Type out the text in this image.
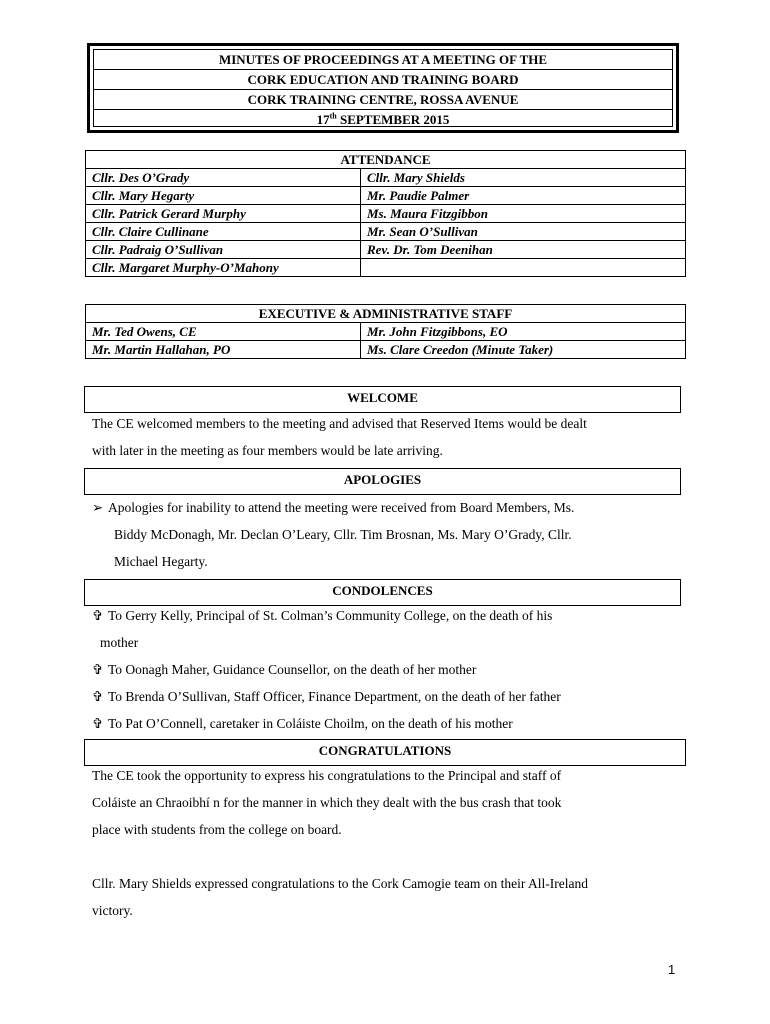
MINUTES OF PROCEEDINGS AT A MEETING OF THE
CORK EDUCATION AND TRAINING BOARD
CORK TRAINING CENTRE, ROSSA AVENUE
17th SEPTEMBER 2015
ATTENDANCE	
Cllr. Des O’Grady	Cllr. Mary Shields
Cllr. Mary Hegarty	Mr. Paudie Palmer
Cllr. Patrick Gerard Murphy	Ms. Maura Fitzgibbon
Cllr. Claire Cullinane	Mr. Sean O’Sullivan
Cllr. Padraig O’Sullivan	Rev. Dr. Tom Deenihan
Cllr. Margaret Murphy-O’Mahony	
EXECUTIVE & ADMINISTRATIVE STAFF	
Mr. Ted Owens, CE	Mr. John Fitzgibbons, EO
Mr. Martin Hallahan, PO	Ms. Clare Creedon (Minute Taker)
WELCOME
The CE welcomed members to the meeting and advised that Reserved Items would be dealt
with later in the meeting as four members would be late arriving.
APOLOGIES
➢ Apologies for inability to attend the meeting were received from Board Members, Ms.
Biddy McDonagh, Mr. Declan O’Leary, Cllr. Tim Brosnan, Ms. Mary O’Grady, Cllr.
Michael Hegarty.
CONDOLENCES
✞ To Gerry Kelly, Principal of St. Colman’s Community College, on the death of his
mother
✞ To Oonagh Maher, Guidance Counsellor, on the death of her mother
✞ To Brenda O’Sullivan, Staff Officer, Finance Department, on the death of her father
✞ To Pat O’Connell, caretaker in Coláiste Choilm, on the death of his mother
CONGRATULATIONS
The CE took the opportunity to express his congratulations to the Principal and staff of
Coláiste an Chraoibhí n for the manner in which they dealt with the bus crash that took
place with students from the college on board.
Cllr. Mary Shields expressed congratulations to the Cork Camogie team on their All-Ireland
victory.
1
